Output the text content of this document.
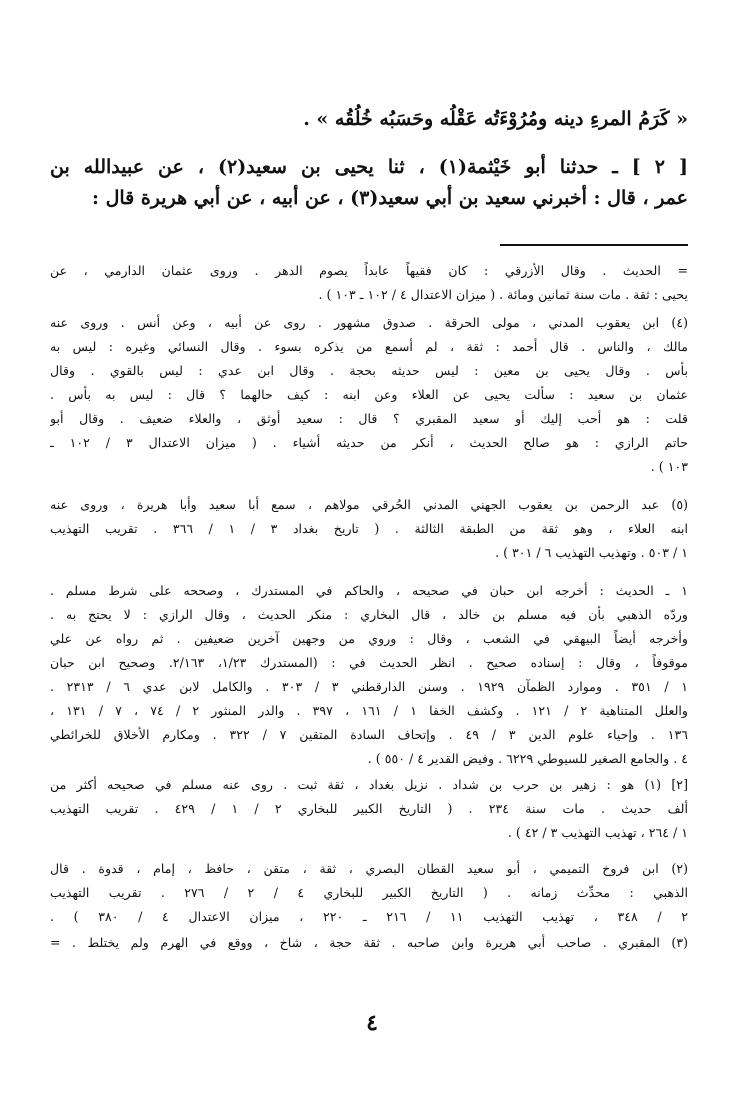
« كَرَمُ المرءِ دينه ومُرُوْءَتُه عَقْلُه وحَسَبُه خُلُقُه » .
[ ٢ ] ـ حدثنا أبو خَيْثمة(١) ، ثنا يحيى بن سعيد(٢) ، عن عبيدالله بن
عمر ، قال : أخبرني سعيد بن أبي سعيد(٣) ، عن أبيه ، عن أبي هريرة قال :
= الحديث . وقال الأزرقي : كان فقيهاً عابداً يصوم الدهر . وروى عثمان الدارمي ، عن
يحيى : ثقة . مات سنة ثمانين ومائة . ( ميزان الاعتدال ٤ / ١٠٢ ـ ١٠٣ ) .
(٤) ابن يعقوب المدني ، مولى الحرقة . صدوق مشهور . روى عن أبيه ، وعن أنس . وروى عنه
مالك ، والناس . قال أحمد : ثقة ، لم أسمع من يذكره بسوء . وقال النسائي وغيره : ليس به
بأس . وقال يحيى بن معين : ليس حديثه بحجة . وقال ابن عدي : ليس بالقوي . وقال
عثمان بن سعيد : سألت يحيى عن العلاء وعن ابنه : كيف حالهما ؟ قال : ليس به بأس .
قلت : هو أحب إليك أو سعيد المقبري ؟ قال : سعيد أوثق ، والعلاء ضعيف . وقال أبو
حاتم الرازي : هو صالح الحديث ، أنكر من حديثه أشياء . ( ميزان الاعتدال ٣ / ١٠٢ ـ
١٠٣ ) .
(٥) عبد الرحمن بن يعقوب الجهني المدني الحُرقي مولاهم ، سمع أبا سعيد وأبا هريرة ، وروى عنه
ابنه العلاء ، وهو ثقة من الطبقة الثالثة . ( تاريخ بغداد ٣ / ١ / ٣٦٦ . تقريب التهذيب
١ / ٥٠٣ . وتهذيب التهذيب ٦ / ٣٠١ ) .
١ ـ الحديث : أخرجه ابن حبان في صحيحه ، والحاكم في المستدرك ، وصححه على شرط مسلم .
وردّه الذهبي بأن فيه مسلم بن خالد ، قال البخاري : منكر الحديث ، وقال الرازي : لا يحتج به .
وأخرجه أيضاً البيهقي في الشعب ، وقال : وروي من وجهين آخرين ضعيفين . ثم رواه عن علي
موقوفاً ، وقال : إسناده صحيح . انظر الحديث في : (المستدرك ١/٢٣، ٢/١٦٣. وصحيح ابن حبان
١ / ٣٥١ . وموارد الظمآن ١٩٢٩ . وسنن الدارقطني ٣ / ٣٠٣ . والكامل لابن عدي ٦ / ٢٣١٣ .
والعلل المتناهية ٢ / ١٢١ . وكشف الخفا ١ / ١٦١ ، ٣٩٧ . والدر المنثور ٢ / ٧٤ ، ٧ / ١٣١ ،
١٣٦ . وإحياء علوم الدين ٣ / ٤٩ . وإتحاف السادة المتقين ٧ / ٣٢٢ . ومكارم الأخلاق للخرائطي
٤ . والجامع الصغير للسيوطي ٦٢٢٩ . وفيض القدير ٤ / ٥٥٠ ) .
[٢] (١) هو : زهير بن حرب بن شداد . نزيل بغداد ، ثقة ثبت . روى عنه مسلم في صحيحه أكثر من
ألف حديث . مات سنة ٢٣٤ . ( التاريخ الكبير للبخاري ٢ / ١ / ٤٢٩ . تقريب التهذيب
١ / ٢٦٤ ، تهذيب التهذيب ٣ / ٤٢ ) .
(٢) ابن فروخ التميمي ، أبو سعيد القطان البصري ، ثقة ، متقن ، حافظ ، إمام ، قدوة . قال
الذهبي : محدِّث زمانه . ( التاريخ الكبير للبخاري ٤ / ٢ / ٢٧٦ . تقريب التهذيب
٢ / ٣٤٨ ، تهذيب التهذيب ١١ / ٢١٦ ـ ٢٢٠ ، ميزان الاعتدال ٤ / ٣٨٠ ) .
(٣) المقبري . صاحب أبي هريرة وابن صاحبه . ثقة حجة ، شاخ ، ووقع في الهرم ولم يختلط . =
٤
